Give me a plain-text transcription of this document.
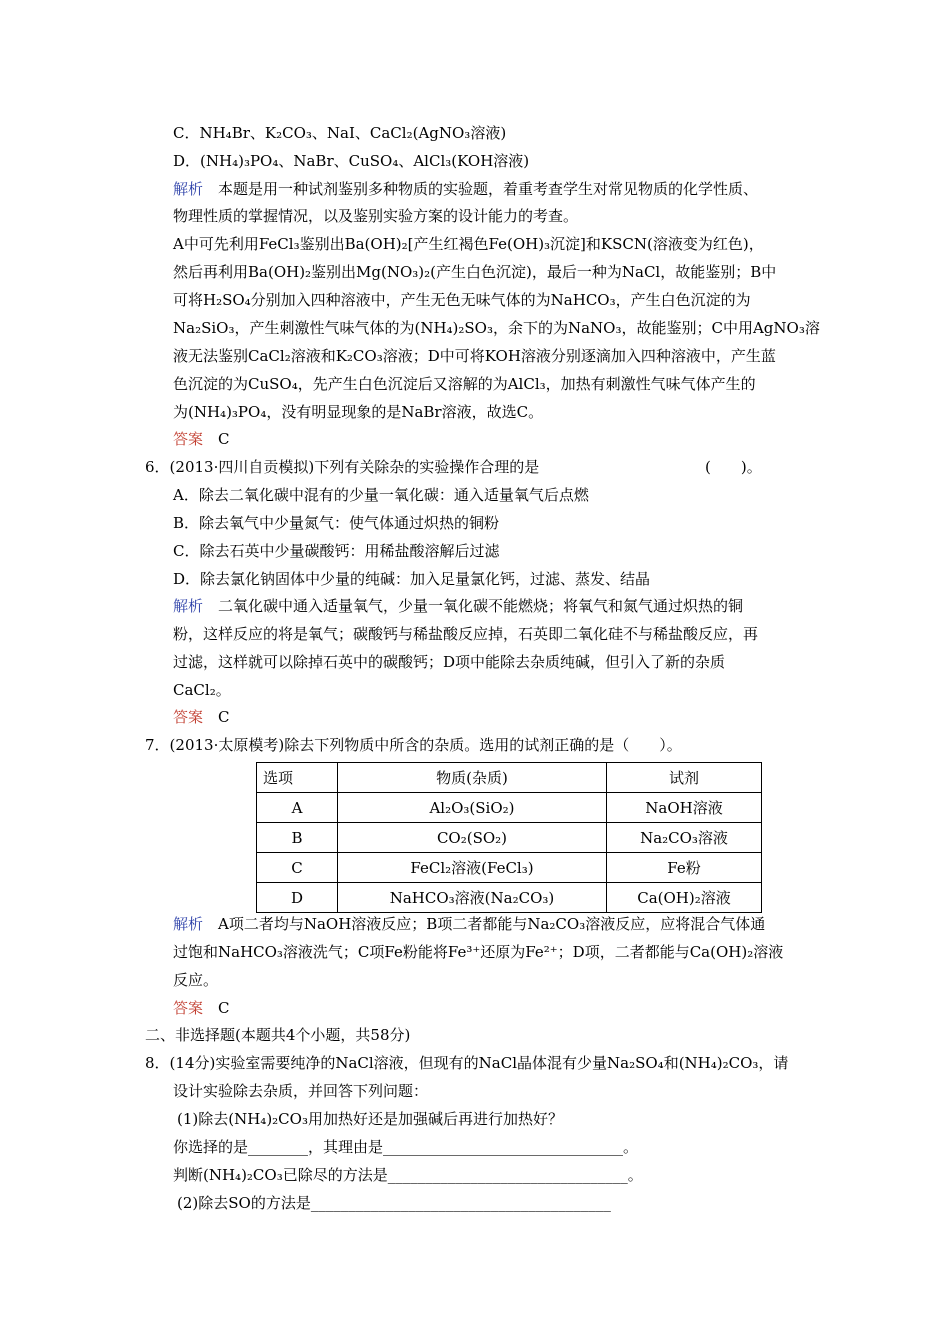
C．NH₄Br、K₂CO₃、NaI、CaCl₂(AgNO₃溶液)
D．(NH₄)₃PO₄、NaBr、CuSO₄、AlCl₃(KOH溶液)
解析　 本题是用一种试剂鉴别多种物质的实验题，着重考查学生对常见物质的化学性质、
物理性质的掌握情况，以及鉴别实验方案的设计能力的考查。
A中可先利用FeCl₃鉴别出Ba(OH)₂[产生红褐色Fe(OH)₃沉淀]和KSCN(溶液变为红色)，
然后再利用Ba(OH)₂鉴别出Mg(NO₃)₂(产生白色沉淀)，最后一种为NaCl，故能鉴别；B中
可将H₂SO₄分别加入四种溶液中，产生无色无味气体的为NaHCO₃，产生白色沉淀的为
Na₂SiO₃，产生刺激性气味气体的为(NH₄)₂SO₃，余下的为NaNO₃，故能鉴别；C中用AgNO₃溶
液无法鉴别CaCl₂溶液和K₂CO₃溶液；D中可将KOH溶液分别逐滴加入四种溶液中，产生蓝
色沉淀的为CuSO₄，先产生白色沉淀后又溶解的为AlCl₃，加热有刺激性气味气体产生的
为(NH₄)₃PO₄，没有明显现象的是NaBr溶液，故选C。
答案　 C
6．(2013·四川自贡模拟)下列有关除杂的实验操作合理的是	(　　)。
A．除去二氧化碳中混有的少量一氧化碳：通入适量氧气后点燃
B．除去氧气中少量氮气：使气体通过炽热的铜粉
C．除去石英中少量碳酸钙：用稀盐酸溶解后过滤
D．除去氯化钠固体中少量的纯碱：加入足量氯化钙，过滤、蒸发、结晶
解析　 二氧化碳中通入适量氧气，少量一氧化碳不能燃烧；将氧气和氮气通过炽热的铜
粉，这样反应的将是氧气；碳酸钙与稀盐酸反应掉，石英即二氧化硅不与稀盐酸反应，再
过滤，这样就可以除掉石英中的碳酸钙；D项中能除去杂质纯碱，但引入了新的杂质
CaCl₂。
答案　 C
7．(2013·太原模考)除去下列物质中所含的杂质。选用的试剂正确的是（　　）。
选项	物质(杂质)	试剂
A	Al₂O₃(SiO₂)	NaOH溶液
B	CO₂(SO₂)	Na₂CO₃溶液
C	FeCl₂溶液(FeCl₃)	Fe粉
D	NaHCO₃溶液(Na₂CO₃)	Ca(OH)₂溶液
解析　 A项二者均与NaOH溶液反应；B项二者都能与Na₂CO₃溶液反应，应将混合气体通
过饱和NaHCO₃溶液洗气；C项Fe粉能将Fe³⁺还原为Fe²⁺；D项，二者都能与Ca(OH)₂溶液
反应。
答案　 C
二、非选择题(本题共4个小题，共58分)
8．(14分)实验室需要纯净的NaCl溶液，但现有的NaCl晶体混有少量Na₂SO₄和(NH₄)₂CO₃，请
设计实验除去杂质，并回答下列问题：
(1)除去(NH₄)₂CO₃用加热好还是加强碱后再进行加热好？
你选择的是________，其理由是________________________________。
判断(NH₄)₂CO₃已除尽的方法是________________________________。
(2)除去SO的方法是________________________________________
